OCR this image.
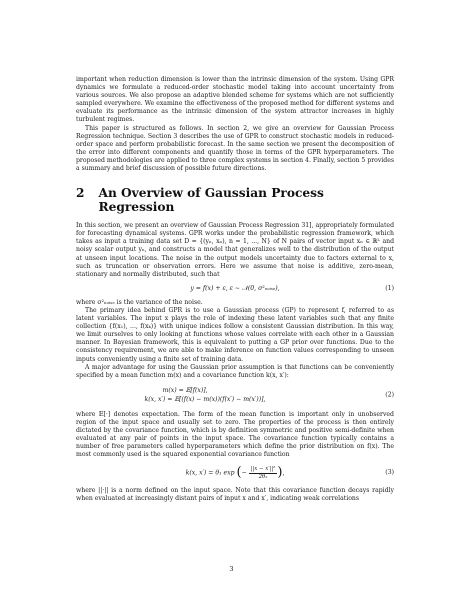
important when reduction dimension is lower than the intrinsic dimension of the system. Using GPR dynamics we formulate a reduced-order stochastic model taking into account uncertainty from various sources. We also propose an adaptive blended scheme for systems which are not sufficiently sampled everywhere. We examine the effectiveness of the proposed method for different systems and evaluate its performance as the intrinsic dimension of the system attractor increases in highly turbulent regimes.

This paper is structured as follows. In section 2, we give an overview for Gaussian Process Regression technique. Section 3 describes the use of GPR to construct stochastic models in reduced-order space and perform probabilistic forecast. In the same section we present the decomposition of the error into different components and quantify those in terms of the GPR hyperparameters. The proposed methodologies are applied to three complex systems in section 4. Finally, section 5 provides a summary and brief discussion of possible future directions.

2 An Overview of Gaussian Process Regression

In this section, we present an overview of Gaussian Process Regression 31], appropriately formulated for forecasting dynamical systems. GPR works under the probabilistic regression framework, which takes as input a training data set D = {(yₙ, xₙ), n = 1, ..., N} of N pairs of vector input xₙ ∈ ℝᴸ and noisy scalar output yₙ, and constructs a model that generalizes well to the distribution of the output at unseen input locations. The noise in the output models uncertainty due to factors external to x, such as truncation or observation errors. Here we assume that noise is additive, zero-mean, stationary and normally distributed, such that

y = f(x) + ε, ε ∼ 𝒩(0, σ²ₙₒᵢₛₑ),	(1)

where σ²ₙₒᵢₛₑ is the variance of the noise.

The primary idea behind GPR is to use a Gaussian process (GP) to represent f, referred to as latent variables. The input x plays the role of indexing these latent variables such that any finite collection {f(x₁), ..., f(xₖ)} with unique indices follow a consistent Gaussian distribution. In this way, we limit ourselves to only looking at functions whose values correlate with each other in a Gaussian manner. In Bayesian framework, this is equivalent to putting a GP prior over functions. Due to the consistency requirement, we are able to make inference on function values corresponding to unseen inputs conveniently using a finite set of training data.

A major advantage for using the Gaussian prior assumption is that functions can be conveniently specified by a mean function m(x) and a covariance function k(x, x′):

m(x) = 𝔼[f(x)],
k(x, x′) = 𝔼[(f(x) − m(x))(f(x′) − m(x′))],
(2)

where 𝔼[·] denotes expectation. The form of the mean function is important only in unobserved region of the input space and usually set to zero. The properties of the process is then entirely dictated by the covariance function, which is by definition symmetric and positive semi-definite when evaluated at any pair of points in the input space. The covariance function typically contains a number of free parameters called hyperparameters which define the prior distribution on f(x). The most commonly used is the squared exponential covariance function

k(x, x′) = θ₁ exp (− $\frac{\text{||x − x′||²}}{\text{2θ₂}}$ ),	(3)

where ||·|| is a norm defined on the input space. Note that this covariance function decays rapidly when evaluated at increasingly distant pairs of input x and x′, indicating weak correlations

3
